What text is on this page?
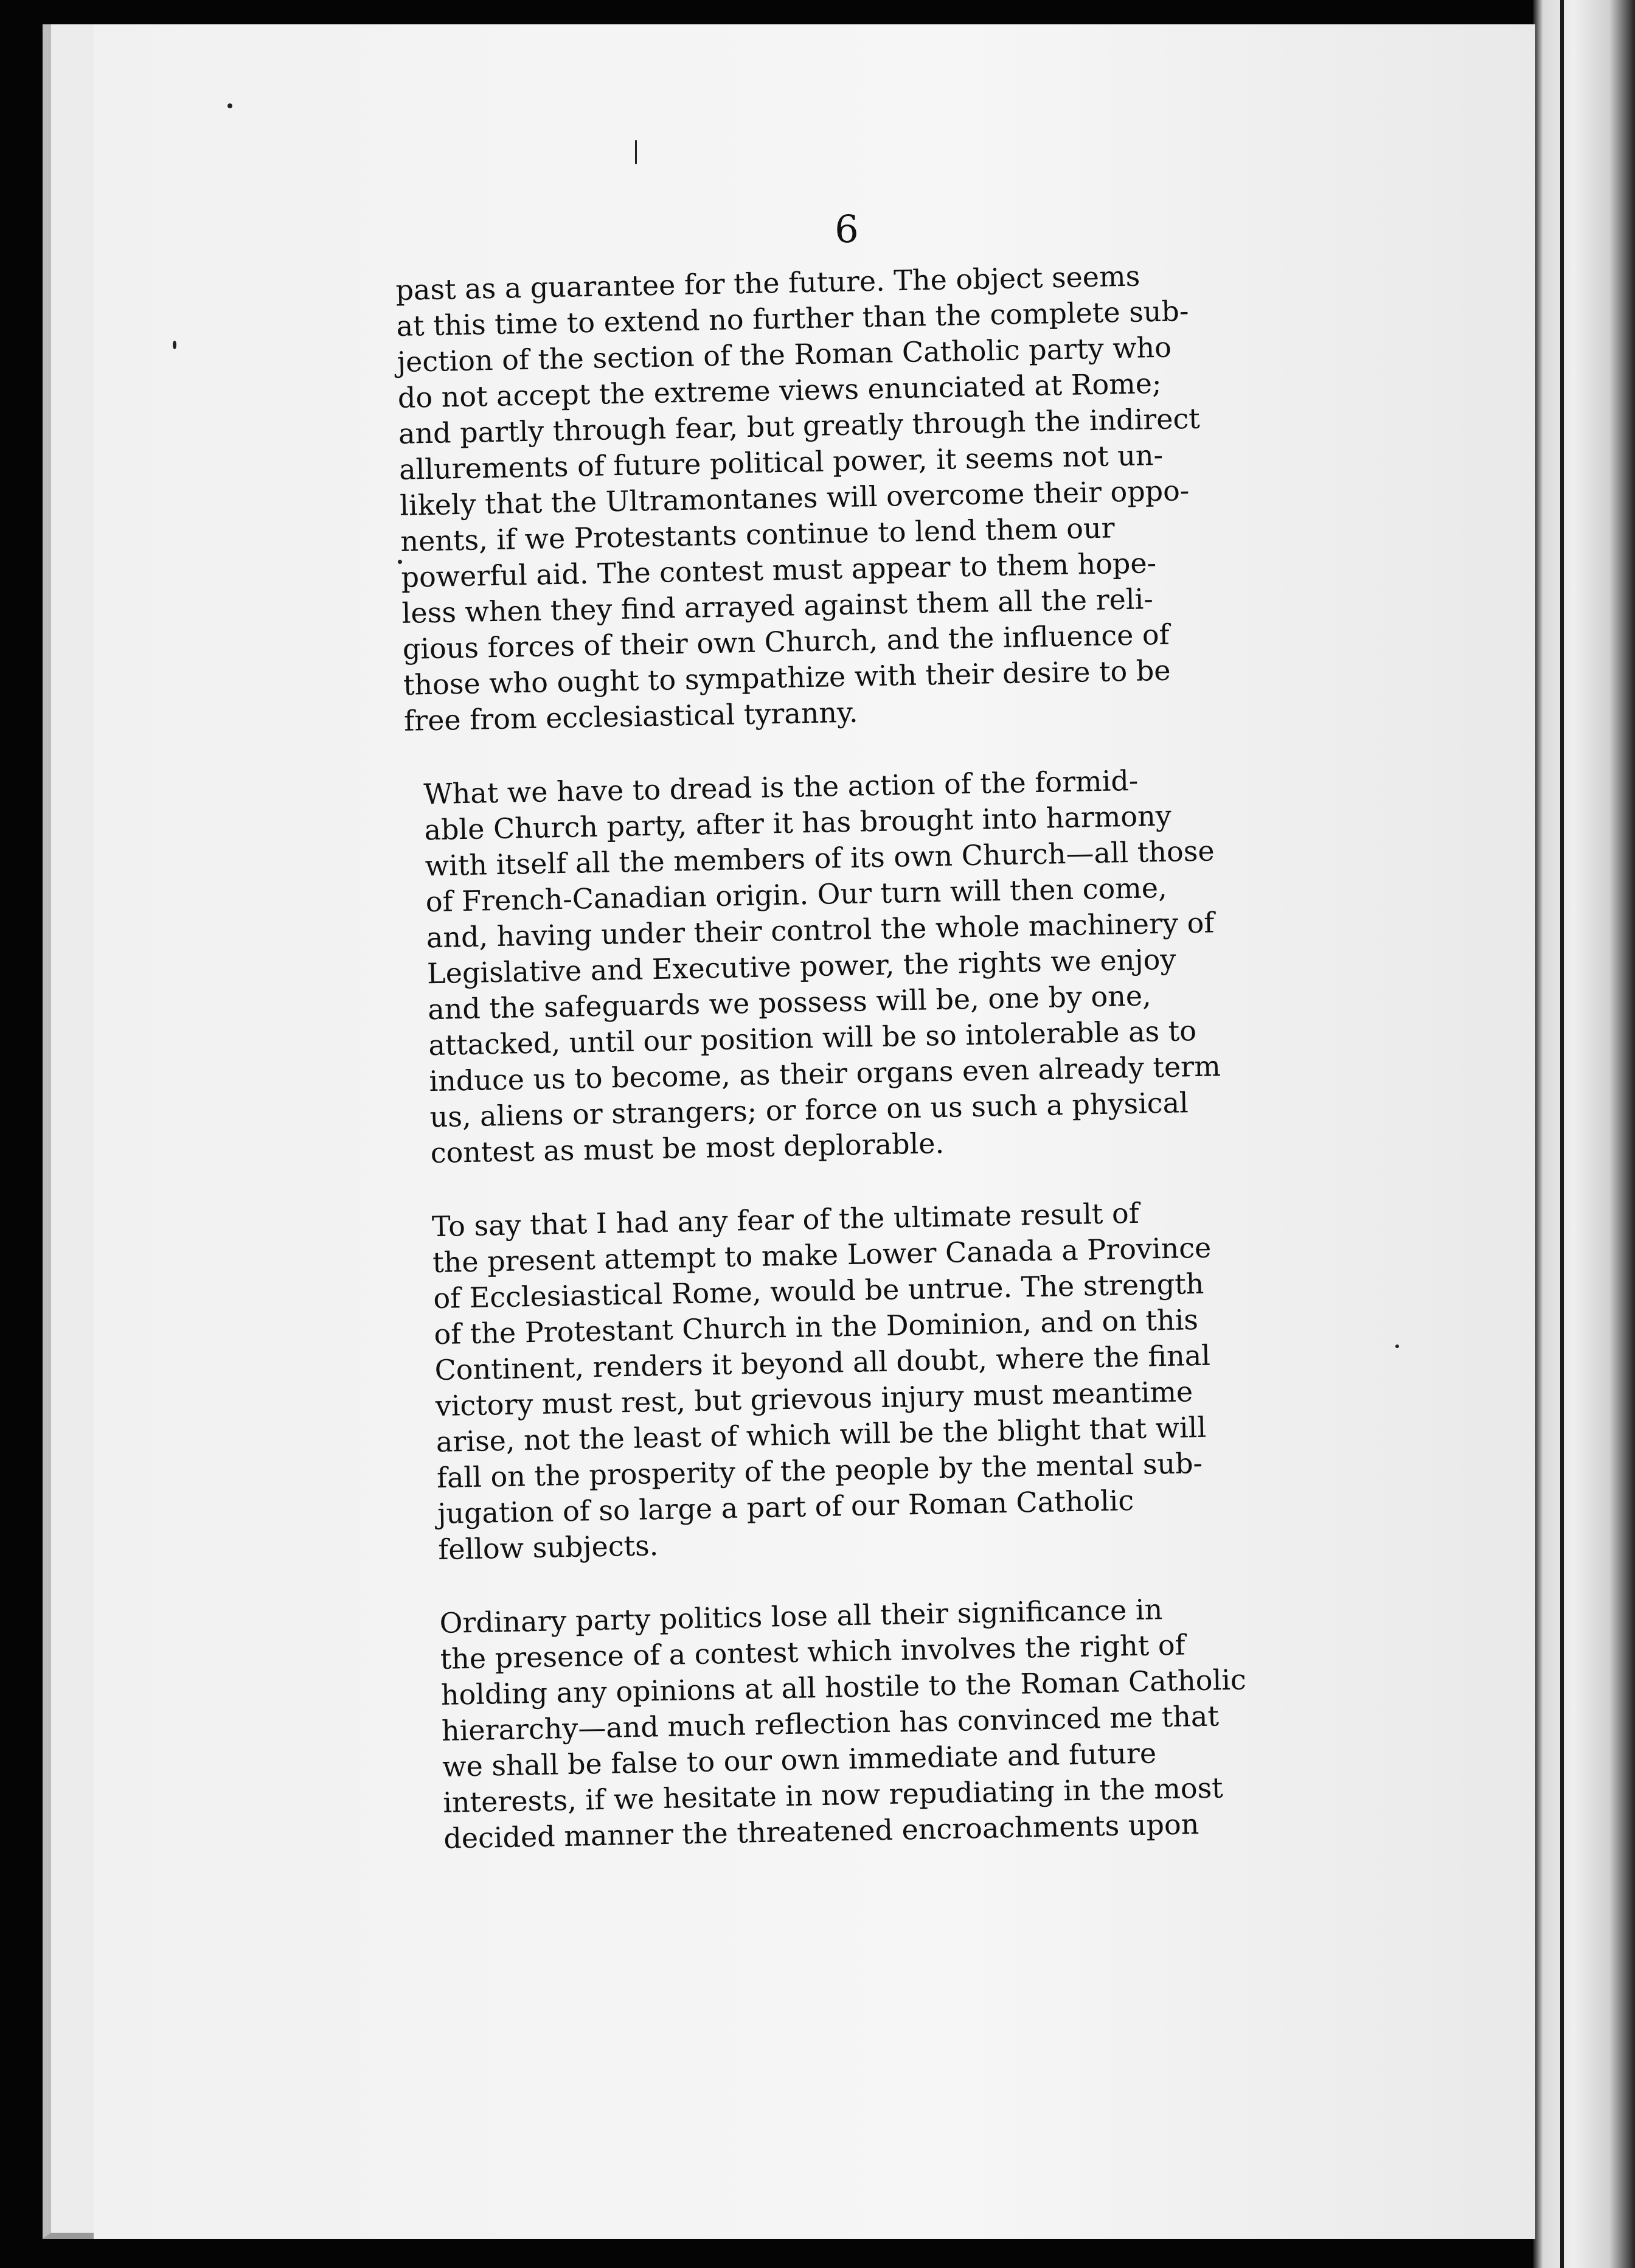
6

past as a guarantee for the future. The object seems
at this time to extend no further than the complete sub-
jection of the section of the Roman Catholic party who
do not accept the extreme views enunciated at Rome;
and partly through fear, but greatly through the indirect
allurements of future political power, it seems not un-
likely that the Ultramontanes will overcome their oppo-
nents, if we Protestants continue to lend them our
powerful aid. The contest must appear to them hope-
less when they find arrayed against them all the reli-
gious forces of their own Church, and the influence of
those who ought to sympathize with their desire to be
free from ecclesiastical tyranny.

What we have to dread is the action of the formid-
able Church party, after it has brought into harmony
with itself all the members of its own Church—all those
of French-Canadian origin. Our turn will then come,
and, having under their control the whole machinery of
Legislative and Executive power, the rights we enjoy
and the safeguards we possess will be, one by one,
attacked, until our position will be so intolerable as to
induce us to become, as their organs even already term
us, aliens or strangers; or force on us such a physical
contest as must be most deplorable.

To say that I had any fear of the ultimate result of
the present attempt to make Lower Canada a Province
of Ecclesiastical Rome, would be untrue. The strength
of the Protestant Church in the Dominion, and on this
Continent, renders it beyond all doubt, where the final
victory must rest, but grievous injury must meantime
arise, not the least of which will be the blight that will
fall on the prosperity of the people by the mental sub-
jugation of so large a part of our Roman Catholic
fellow subjects.

Ordinary party politics lose all their significance in
the presence of a contest which involves the right of
holding any opinions at all hostile to the Roman Catholic
hierarchy—and much reflection has convinced me that
we shall be false to our own immediate and future
interests, if we hesitate in now repudiating in the most
decided manner the threatened encroachments upon
